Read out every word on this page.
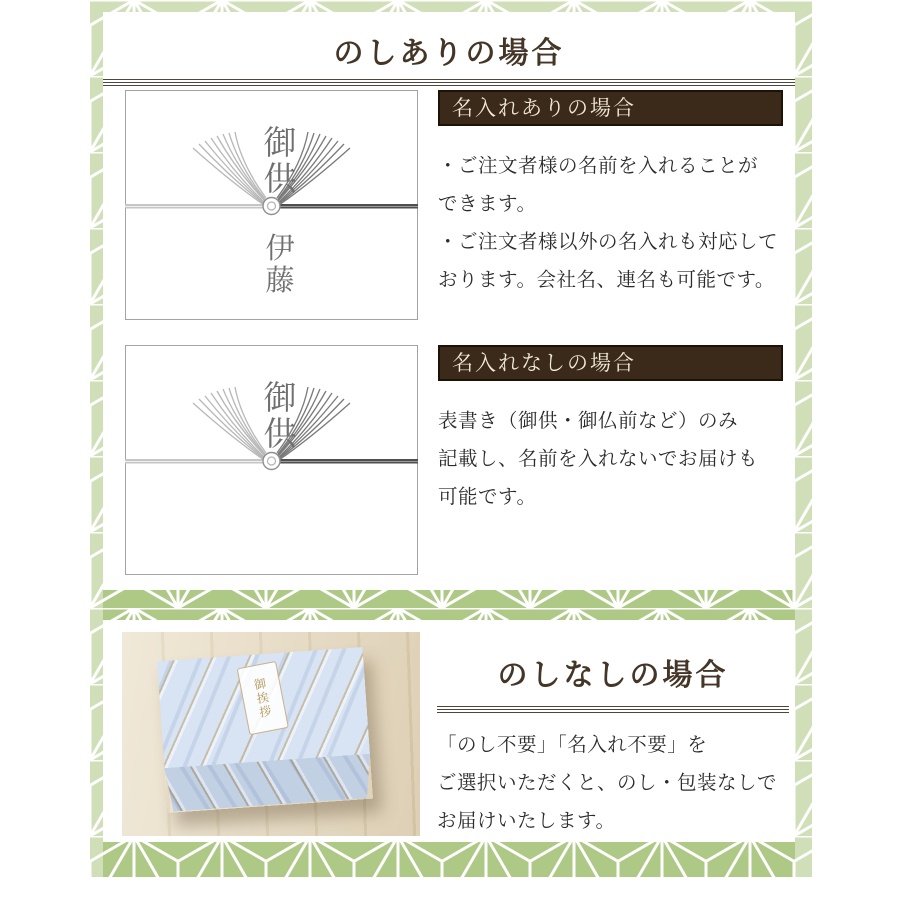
のしありの場合
御
供
伊
藤
名入れありの場合
・ご注文者様の名前を入れることが
できます。
・ご注文者様以外の名入れも対応して
おります。会社名、連名も可能です。
御
供
名入れなしの場合
表書き（御供・御仏前など）のみ
記載し、名前を入れないでお届けも
可能です。
御
挨
拶
のしなしの場合
「のし不要」「名入れ不要」を
ご選択いただくと、のし・包装なしで
お届けいたします。
